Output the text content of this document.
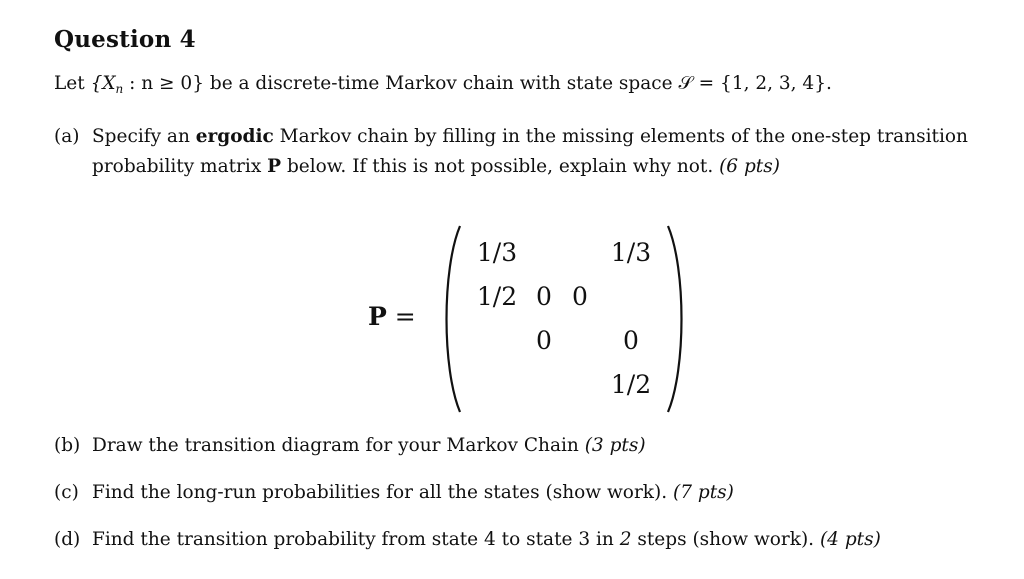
Question 4
Let {$X_n$ : n ≥ 0} be a discrete-time Markov chain with state space 𝒮 = {1, 2, 3, 4}.
(a) Specify an ergodic Markov chain by filling in the missing elements of the one-step transition
probability matrix P below. If this is not possible, explain why not. (6 pts)
P =
1/3	1/3
1/2 0 0
0	0
1/2
(b) Draw the transition diagram for your Markov Chain (3 pts)
(c) Find the long-run probabilities for all the states (show work). (7 pts)
(d) Find the transition probability from state 4 to state 3 in 2 steps (show work). (4 pts)
